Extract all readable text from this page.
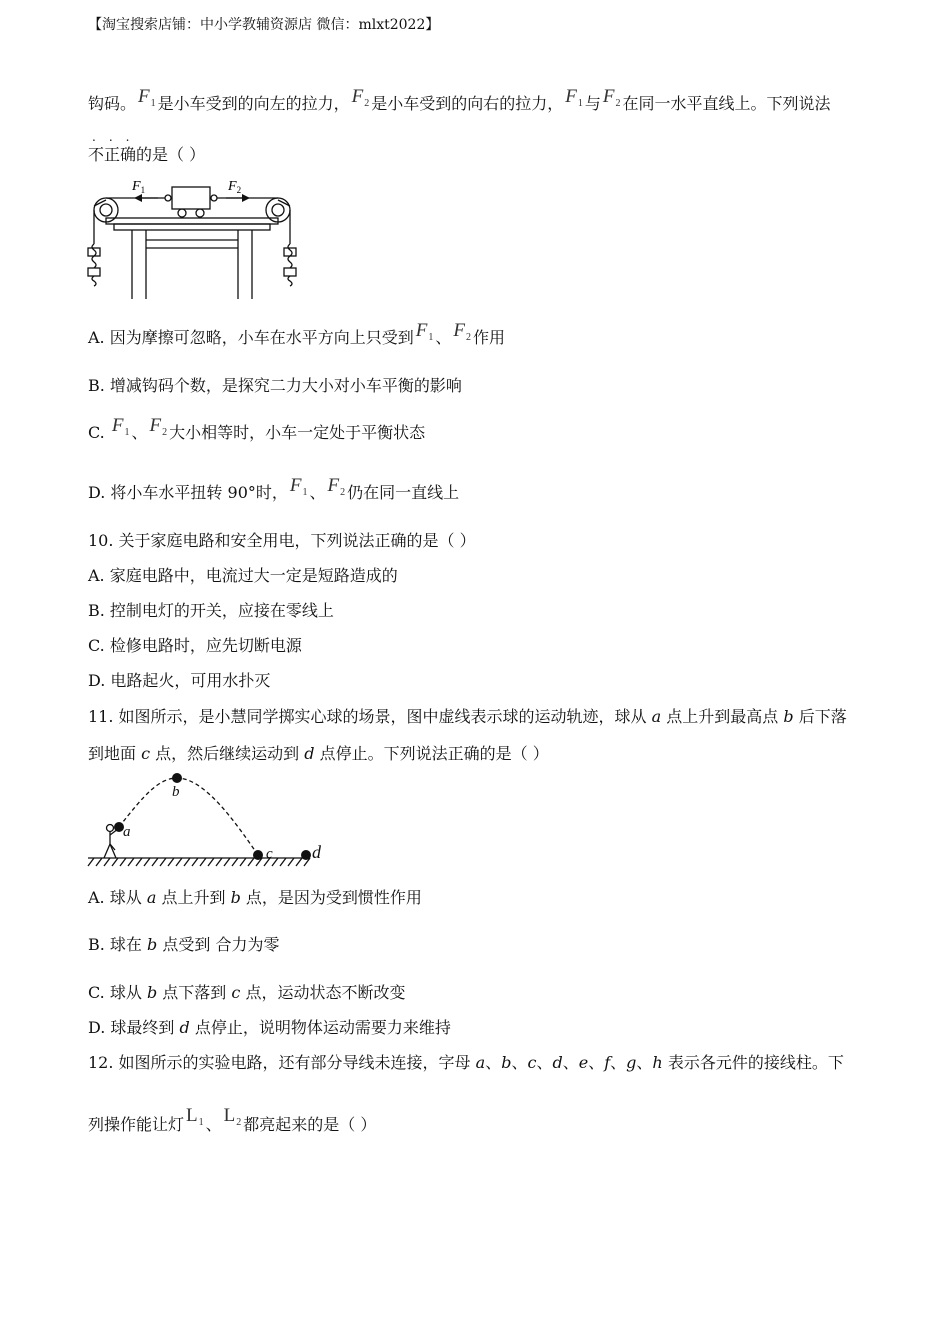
【淘宝搜索店铺：中小学教辅资源店 微信：mlxt2022】
钩码。 $F_1$ 是小车受到的向左的拉力， $F_2$ 是小车受到的向右的拉力， $F_1$ 与 $F_2$ 在同一水平直线上。下列说法
...
不正确的是（ ）
$F_1$	$F_2$
A. 因为摩擦可忽略，小车在水平方向上只受到 $F_1$ 、 $F_2$ 作用
B. 增减钩码个数，是探究二力大小对小车平衡的影响
C. $F_1$ 、 $F_2$ 大小相等时，小车一定处于平衡状态
D. 将小车水平扭转 90°时， $F_1$ 、 $F_2$ 仍在同一直线上
10. 关于家庭电路和安全用电，下列说法正确的是（ ）
A. 家庭电路中，电流过大一定是短路造成的
B. 控制电灯的开关，应接在零线上
C. 检修电路时，应先切断电源
D. 电路起火，可用水扑灭
11. 如图所示，是小慧同学掷实心球的场景，图中虚线表示球的运动轨迹，球从 a 点上升到最高点 b 后下落
到地面 c 点，然后继续运动到 d 点停止。下列说法正确的是（ ）
a
b
c d
A. 球从 a 点上升到 b 点，是因为受到惯性作用
B. 球在 b 点受到 合力为零
C. 球从 b 点下落到 c 点，运动状态不断改变
D. 球最终到 d 点停止，说明物体运动需要力来维持
12. 如图所示的实验电路，还有部分导线未连接，字母 a、b、c、d、e、f、g、h 表示各元件的接线柱。下
列操作能让灯 $L_1$ 、 $L_2$ 都亮起来的是（ ）
